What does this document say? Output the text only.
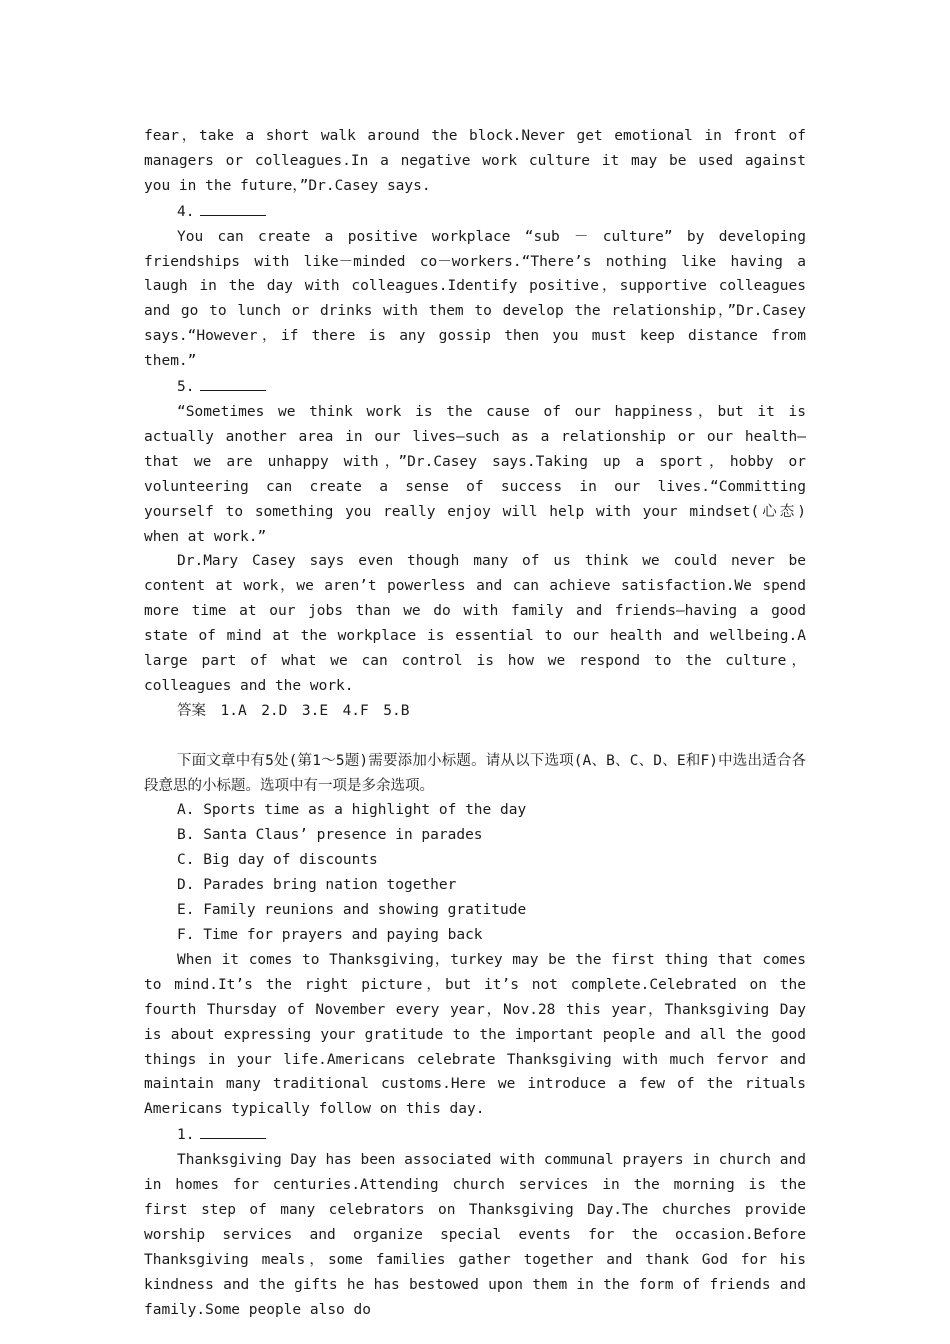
fear，take a short walk around the block.Never get emotional in front of managers or colleagues.In a negative work culture it may be used against you in the future，”Dr.Casey says.

4.

You can create a positive workplace “sub － culture” by developing friendships with like－minded co－workers.“There’s nothing like having a laugh in the day with colleagues.Identify positive，supportive colleagues and go to lunch or drinks with them to develop the relationship，”Dr.Casey says.“However，if there is any gossip then you must keep distance from them.”

5.

“Sometimes we think work is the cause of our happiness，but it is actually another area in our lives—such as a relationship or our health—that we are unhappy with，”Dr.Casey says.Taking up a sport，hobby or volunteering can create a sense of success in our lives.“Committing yourself to something you really enjoy will help with your mindset(心态) when at work.”

Dr.Mary Casey says even though many of us think we could never be content at work，we aren’t powerless and can achieve satisfaction.We spend more time at our jobs than we do with family and friends—having a good state of mind at the workplace is essential to our health and wellbeing.A large part of what we can control is how we respond to the culture，colleagues and the work.

答案　1.A　2.D　3.E　4.F　5.B

下面文章中有5处(第1～5题)需要添加小标题。请从以下选项(A、B、C、D、E和F)中选出适合各段意思的小标题。选项中有一项是多余选项。

A. Sports time as a highlight of the day

B. Santa Claus’ presence in parades

C. Big day of discounts

D. Parades bring nation together

E. Family reunions and showing gratitude

F. Time for prayers and paying back

When it comes to Thanksgiving，turkey may be the first thing that comes to mind.It’s the right picture，but it’s not complete.Celebrated on the fourth Thursday of November every year，Nov.28 this year，Thanksgiving Day is about expressing your gratitude to the important people and all the good things in your life.Americans celebrate Thanksgiving with much fervor and maintain many traditional customs.Here we introduce a few of the rituals Americans typically follow on this day.

1.

Thanksgiving Day has been associated with communal prayers in church and in homes for centuries.Attending church services in the morning is the first step of many celebrators on Thanksgiving Day.The churches provide worship services and organize special events for the occasion.Before Thanksgiving meals，some families gather together and thank God for his kindness and the gifts he has bestowed upon them in the form of friends and family.Some people also do
